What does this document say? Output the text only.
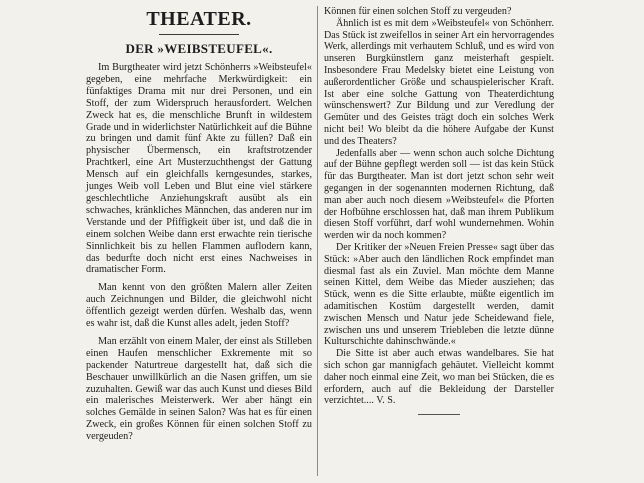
THEATER.
DER »WEIBSTEUFEL«.

Im Burgtheater wird jetzt Schönherrs »Weibsteufel« gegeben, eine mehrfache Merkwürdigkeit: ein fünfaktiges Drama mit nur drei Personen, und ein Stoff, der zum Widerspruch herausfordert. Welchen Zweck hat es, die menschliche Brunft in wildestem Grade und in widerlichster Natürlichkeit auf die Bühne zu bringen und damit fünf Akte zu füllen? Daß ein physischer Übermensch, ein kraftstrotzender Prachtkerl, eine Art Musterzuchthengst der Gattung Mensch auf ein gleichfalls kerngesundes, starkes, junges Weib voll Leben und Blut eine viel stärkere geschlechtliche Anziehungskraft ausübt als ein schwaches, kränkliches Männchen, das anderen nur im Verstande und der Pfiffigkeit über ist, und daß die in einem solchen Weibe dann erst erwachte rein tierische Sinnlichkeit bis zu hellen Flammen auflodern kann, das bedurfte doch nicht erst eines Nachweises in dramatischer Form.

Man kennt von den größten Malern aller Zeiten auch Zeichnungen und Bilder, die gleichwohl nicht öffentlich gezeigt werden dürfen. Weshalb das, wenn es wahr ist, daß die Kunst alles adelt, jeden Stoff?

Man erzählt von einem Maler, der einst als Stilleben einen Haufen menschlicher Exkremente mit so packender Naturtreue dargestellt hat, daß sich die Beschauer unwillkürlich an die Nasen griffen, um sie zuzuhalten. Gewiß war das auch Kunst und dieses Bild ein malerisches Meisterwerk. Wer aber hängt ein solches Gemälde in seinen Salon? Was hat es für einen Zweck, ein großes Können für einen solchen Stoff zu vergeuden?

Können für einen solchen Stoff zu vergeuden?

Ähnlich ist es mit dem »Weibsteufel« von Schönherr. Das Stück ist zweifellos in seiner Art ein hervorragendes Werk, allerdings mit verhautem Schluß, und es wird von unseren Burgkünstlern ganz meisterhaft gespielt. Insbesondere Frau Medelsky bietet eine Leistung von außerordentlicher Größe und schauspielerischer Kraft. Ist aber eine solche Gattung von Theaterdichtung wünschenswert? Zur Bildung und zur Veredlung der Gemüter und des Geistes trägt doch ein solches Werk nicht bei! Wo bleibt da die höhere Aufgabe der Kunst und des Theaters?

Jedenfalls aber — wenn schon auch solche Dichtung auf der Bühne gepflegt werden soll — ist das kein Stück für das Burgtheater. Man ist dort jetzt schon sehr weit gegangen in der sogenannten modernen Richtung, daß man aber auch noch diesem »Weibsteufel« die Pforten der Hofbühne erschlossen hat, daß man ihrem Publikum diesen Stoff vorführt, darf wohl wundernehmen. Wohin werden wir da noch kommen?

Der Kritiker der »Neuen Freien Presse« sagt über das Stück: »Aber auch den ländlichen Rock empfindet man diesmal fast als ein Zuviel. Man möchte dem Manne seinen Kittel, dem Weibe das Mieder ausziehen; das Stück, wenn es die Sitte erlaubte, müßte eigentlich im adamitischen Kostüm dargestellt werden, damit zwischen Mensch und Natur jede Scheidewand fiele, zwischen uns und unserem Triebleben die letzte dünne Kulturschichte dahinschwände.«

Die Sitte ist aber auch etwas wandelbares. Sie hat sich schon gar mannigfach gehäutet. Vielleicht kommt daher noch einmal eine Zeit, wo man bei Stücken, die es erfordern, auch auf die Bekleidung der Darsteller verzichtet.... V. S.
